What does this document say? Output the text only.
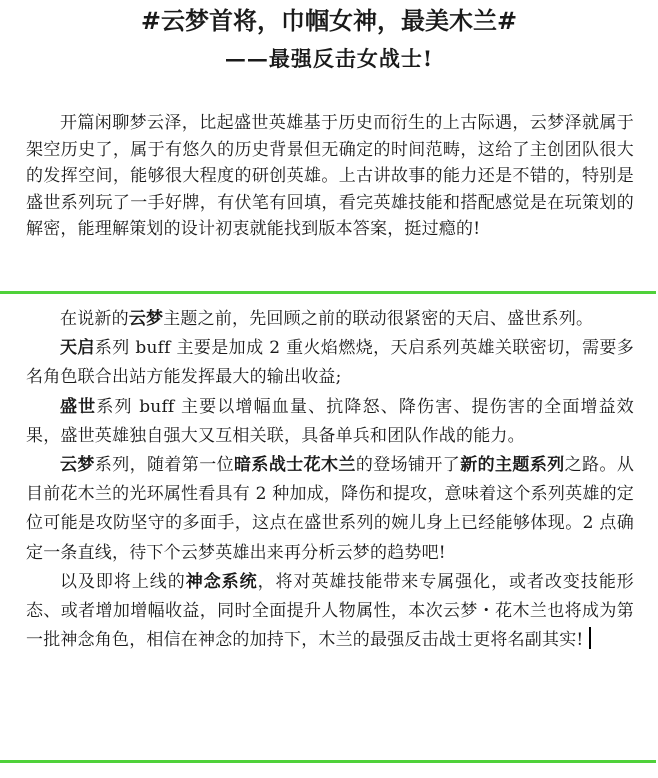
#云梦首将，巾帼女神，最美木兰#
——最强反击女战士!

开篇闲聊梦云泽，比起盛世英雄基于历史而衍生的上古际遇，云梦泽就属于架空历史了，属于有悠久的历史背景但无确定的时间范畴，这给了主创团队很大的发挥空间，能够很大程度的研创英雄。上古讲故事的能力还是不错的，特别是盛世系列玩了一手好牌，有伏笔有回填，看完英雄技能和搭配感觉是在玩策划的解密，能理解策划的设计初衷就能找到版本答案，挺过瘾的!

在说新的云梦主题之前，先回顾之前的联动很紧密的天启、盛世系列。

天启系列 buff 主要是加成 2 重火焰燃烧，天启系列英雄关联密切，需要多名角色联合出站方能发挥最大的输出收益;

盛世系列 buff 主要以增幅血量、抗降怒、降伤害、提伤害的全面增益效果，盛世英雄独自强大又互相关联，具备单兵和团队作战的能力。

云梦系列，随着第一位暗系战士花木兰的登场铺开了新的主题系列之路。从目前花木兰的光环属性看具有 2 种加成，降伤和提攻，意味着这个系列英雄的定位可能是攻防坚守的多面手，这点在盛世系列的婉儿身上已经能够体现。2 点确定一条直线，待下个云梦英雄出来再分析云梦的趋势吧!

以及即将上线的神念系统，将对英雄技能带来专属强化，或者改变技能形态、或者增加增幅收益，同时全面提升人物属性，本次云梦・花木兰也将成为第一批神念角色，相信在神念的加持下，木兰的最强反击战士更将名副其实!
